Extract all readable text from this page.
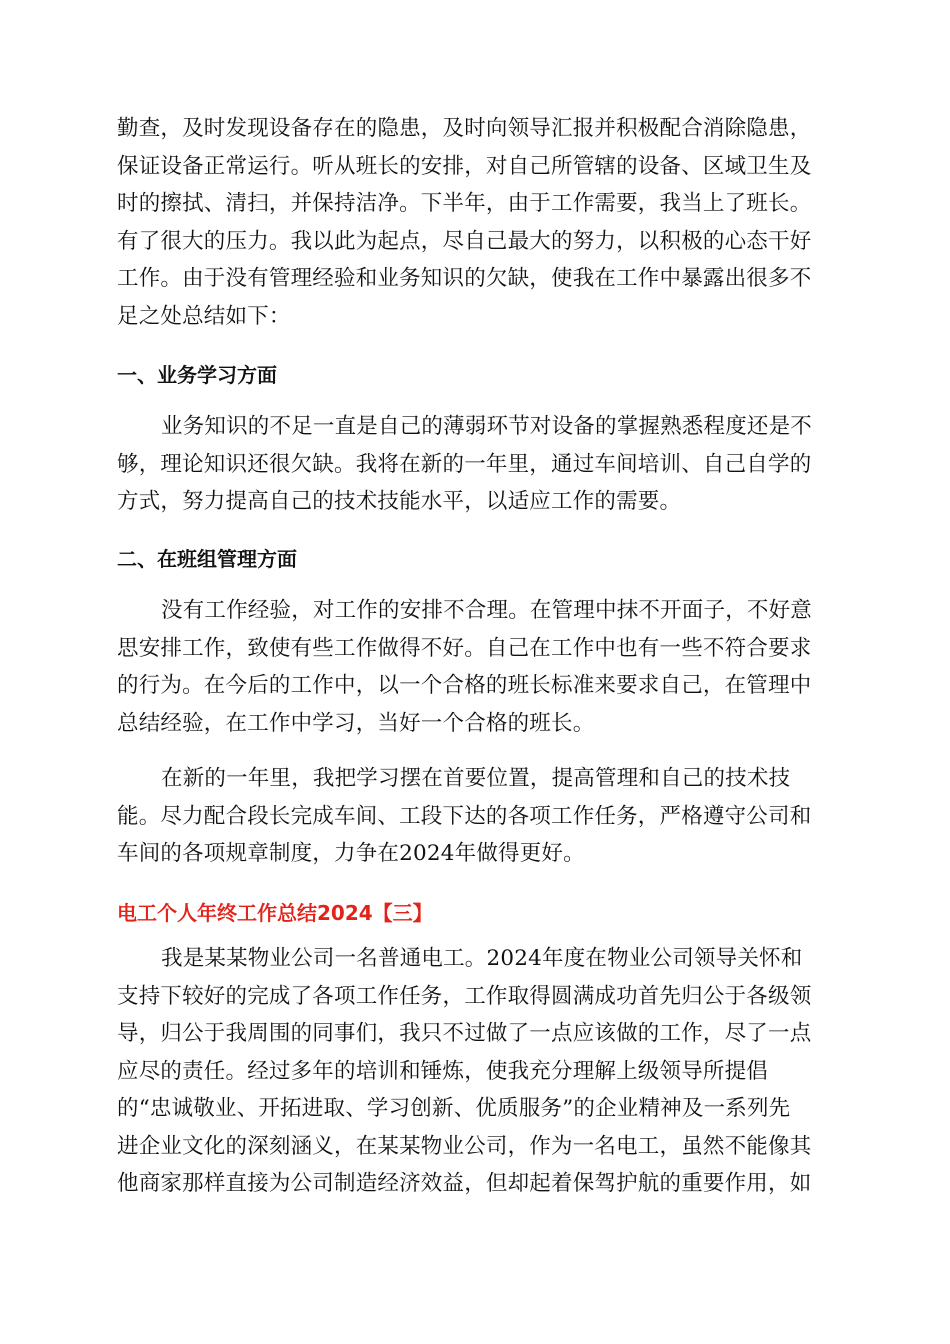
勤查，及时发现设备存在的隐患，及时向领导汇报并积极配合消除隐患，
保证设备正常运行。听从班长的安排，对自己所管辖的设备、区域卫生及
时的擦拭、清扫，并保持洁净。下半年，由于工作需要，我当上了班长。
有了很大的压力。我以此为起点，尽自己最大的努力，以积极的心态干好
工作。由于没有管理经验和业务知识的欠缺，使我在工作中暴露出很多不
足之处总结如下：
一、业务学习方面
业务知识的不足一直是自己的薄弱环节对设备的掌握熟悉程度还是不
够，理论知识还很欠缺。我将在新的一年里，通过车间培训、自己自学的
方式，努力提高自己的技术技能水平，以适应工作的需要。
二、在班组管理方面
没有工作经验，对工作的安排不合理。在管理中抹不开面子，不好意
思安排工作，致使有些工作做得不好。自己在工作中也有一些不符合要求
的行为。在今后的工作中，以一个合格的班长标准来要求自己，在管理中
总结经验，在工作中学习，当好一个合格的班长。
在新的一年里，我把学习摆在首要位置，提高管理和自己的技术技
能。尽力配合段长完成车间、工段下达的各项工作任务，严格遵守公司和
车间的各项规章制度，力争在2024年做得更好。
电工个人年终工作总结2024【三】
我是某某物业公司一名普通电工。2024年度在物业公司领导关怀和
支持下较好的完成了各项工作任务，工作取得圆满成功首先归公于各级领
导，归公于我周围的同事们，我只不过做了一点应该做的工作，尽了一点
应尽的责任。经过多年的培训和锤炼，使我充分理解上级领导所提倡
的“忠诚敬业、开拓进取、学习创新、优质服务”的企业精神及一系列先
进企业文化的深刻涵义，在某某物业公司，作为一名电工，虽然不能像其
他商家那样直接为公司制造经济效益，但却起着保驾护航的重要作用，如
